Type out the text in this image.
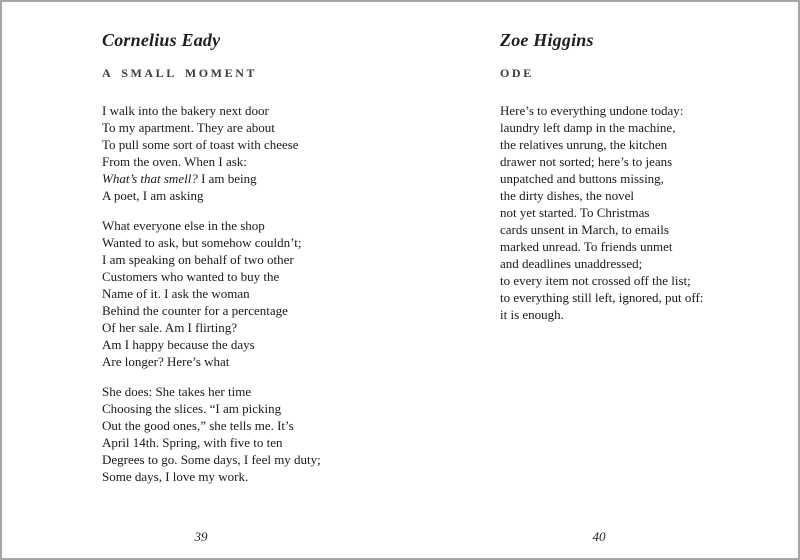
Cornelius Eady
A SMALL MOMENT
I walk into the bakery next door
To my apartment. They are about
To pull some sort of toast with cheese
From the oven. When I ask:
What’s that smell? I am being
A poet, I am asking
What everyone else in the shop
Wanted to ask, but somehow couldn’t;
I am speaking on behalf of two other
Customers who wanted to buy the
Name of it. I ask the woman
Behind the counter for a percentage
Of her sale. Am I flirting?
Am I happy because the days
Are longer? Here’s what
She does: She takes her time
Choosing the slices. “I am picking
Out the good ones,” she tells me. It’s
April 14th. Spring, with five to ten
Degrees to go. Some days, I feel my duty;
Some days, I love my work.
39
Zoe Higgins
ODE
Here’s to everything undone today:
laundry left damp in the machine,
the relatives unrung, the kitchen
drawer not sorted; here’s to jeans
unpatched and buttons missing,
the dirty dishes, the novel
not yet started. To Christmas
cards unsent in March, to emails
marked unread. To friends unmet
and deadlines unaddressed;
to every item not crossed off the list;
to everything still left, ignored, put off:
it is enough.
40
